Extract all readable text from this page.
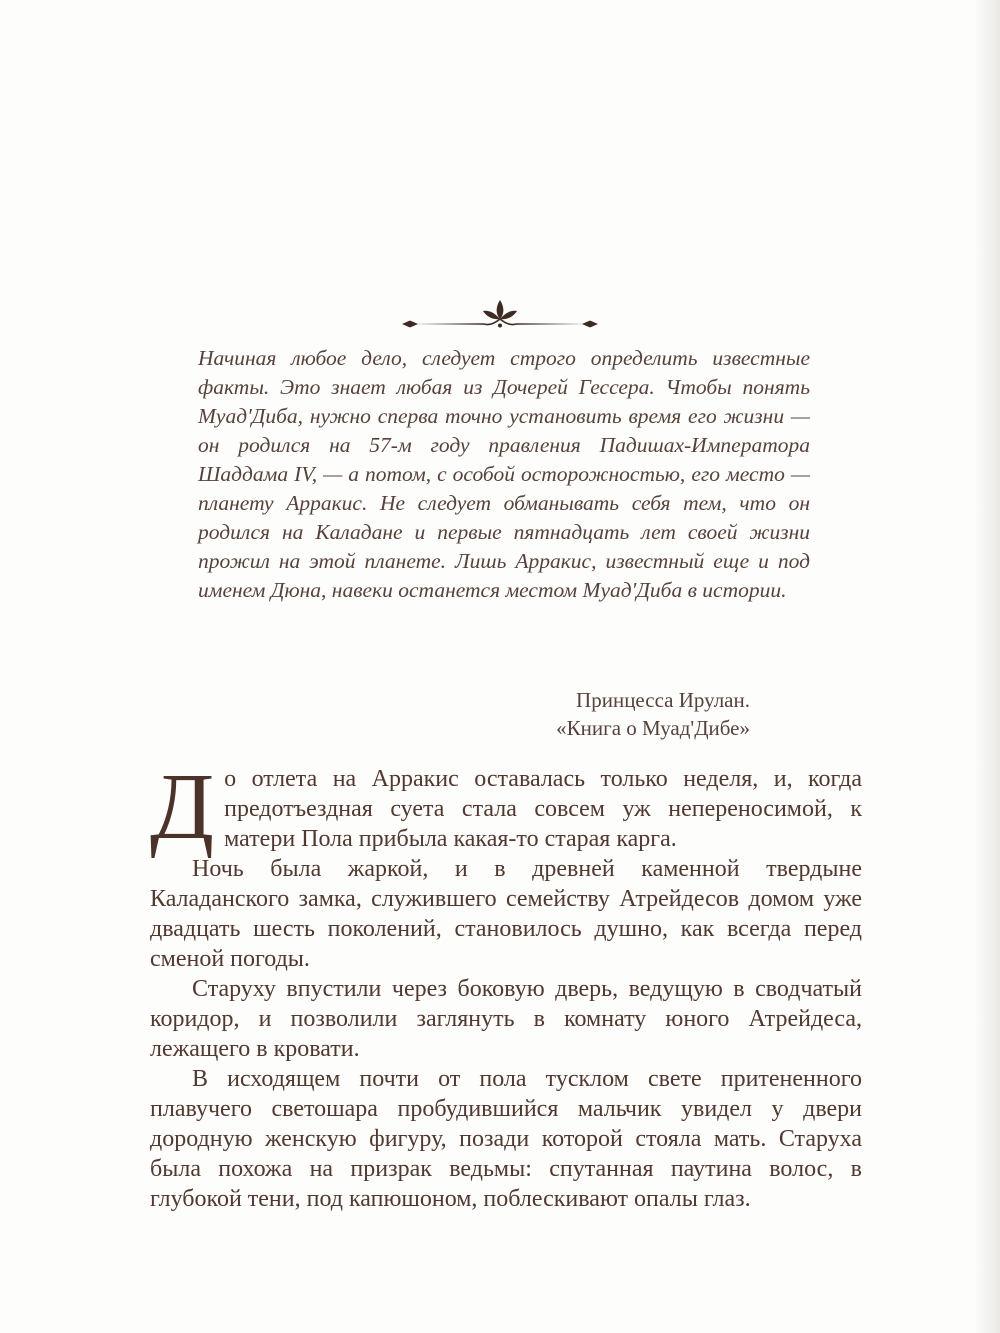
Начиная любое дело, следует строго определить известные факты. Это знает любая из Дочерей Гессера. Чтобы понять Муад'Диба, нужно сперва точно установить время его жизни — он родился на 57-м году правления Падишах-Императора Шаддама IV, — а потом, с особой осторожностью, его место — планету Арракис. Не следует обманывать себя тем, что он родился на Каладане и первые пятнадцать лет своей жизни прожил на этой планете. Лишь Арракис, известный еще и под именем Дюна, навеки останется местом Муад'Диба в истории.
Принцесса Ирулан.
«Книга о Муад'Дибе»

До отлета на Арракис оставалась только неделя, и, когда предотъездная суета стала совсем уж непереносимой, к матери Пола прибыла какая-то старая карга.

Ночь была жаркой, и в древней каменной твердыне Каладанского замка, служившего семейству Атрейдесов домом уже двадцать шесть поколений, становилось душно, как всегда перед сменой погоды.

Старуху впустили через боковую дверь, ведущую в сводчатый коридор, и позволили заглянуть в комнату юного Атрейдеса, лежащего в кровати.

В исходящем почти от пола тусклом свете притененного плавучего светошара пробудившийся мальчик увидел у двери дородную женскую фигуру, позади которой стояла мать. Старуха была похожа на призрак ведьмы: спутанная паутина волос, в глубокой тени, под капюшоном, поблескивают опалы глаз.
